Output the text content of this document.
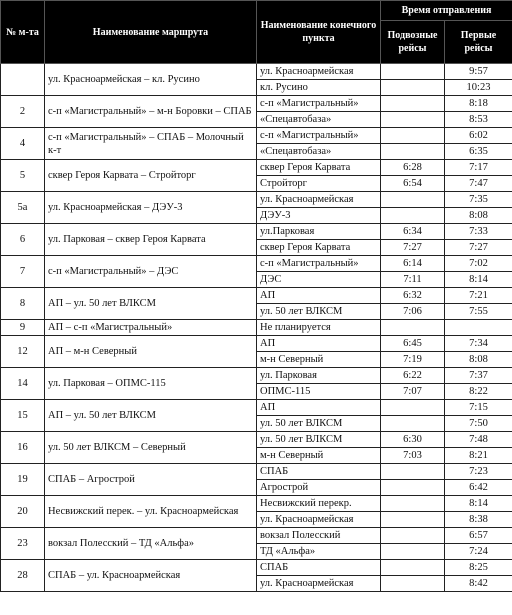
№ м-та	Наименование маршрута	Наименование конечного пункта	Время отправления	
			Подвозные рейсы	Первые рейсы
	ул. Красноармейская – кл. Русино	ул. Красноармейская		9:57
		кл. Русино		10:23
2	с-п «Магистральный» – м-н Боровки – СПАБ	с-п «Магистральный»		8:18
		«Спецавтобаза»		8:53
4	с-п «Магистральный» – СПАБ – Молочный к-т	с-п «Магистральный»		6:02
		«Спецавтобаза»		6:35
5	сквер Героя Карвата – Стройторг	сквер Героя Карвата	6:28	7:17
		Стройторг	6:54	7:47
5а	ул. Красноармейская – ДЭУ-3	ул. Красноармейская		7:35
		ДЭУ-3		8:08
6	ул. Парковая – сквер Героя Карвата	ул.Парковая	6:34	7:33
		сквер Героя Карвата	7:27	7:27
7	с-п «Магистральный» – ДЭС	с-п «Магистральный»	6:14	7:02
		ДЭС	7:11	8:14
8	АП – ул. 50 лет ВЛКСМ	АП	6:32	7:21
		ул. 50 лет ВЛКСМ	7:06	7:55
9	АП – с-п «Магистральный»	Не планируется		
12	АП – м-н Северный	АП	6:45	7:34
		м-н Северный	7:19	8:08
14	ул. Парковая – ОПМС-115	ул. Парковая	6:22	7:37
		ОПМС-115	7:07	8:22
15	АП – ул. 50 лет ВЛКСМ	АП		7:15
		ул. 50 лет ВЛКСМ		7:50
16	ул. 50 лет ВЛКСМ – Северный	ул. 50 лет ВЛКСМ	6:30	7:48
		м-н Северный	7:03	8:21
19	СПАБ – Агрострой	СПАБ		7:23
		Агрострой		6:42
20	Несвижский перек. – ул. Красноармейская	Несвижский перекр.		8:14
		ул. Красноармейская		8:38
23	вокзал Полесский – ТД «Альфа»	вокзал Полесский		6:57
		ТД «Альфа»		7:24
28	СПАБ – ул. Красноармейская	СПАБ		8:25
		ул. Красноармейская		8:42
